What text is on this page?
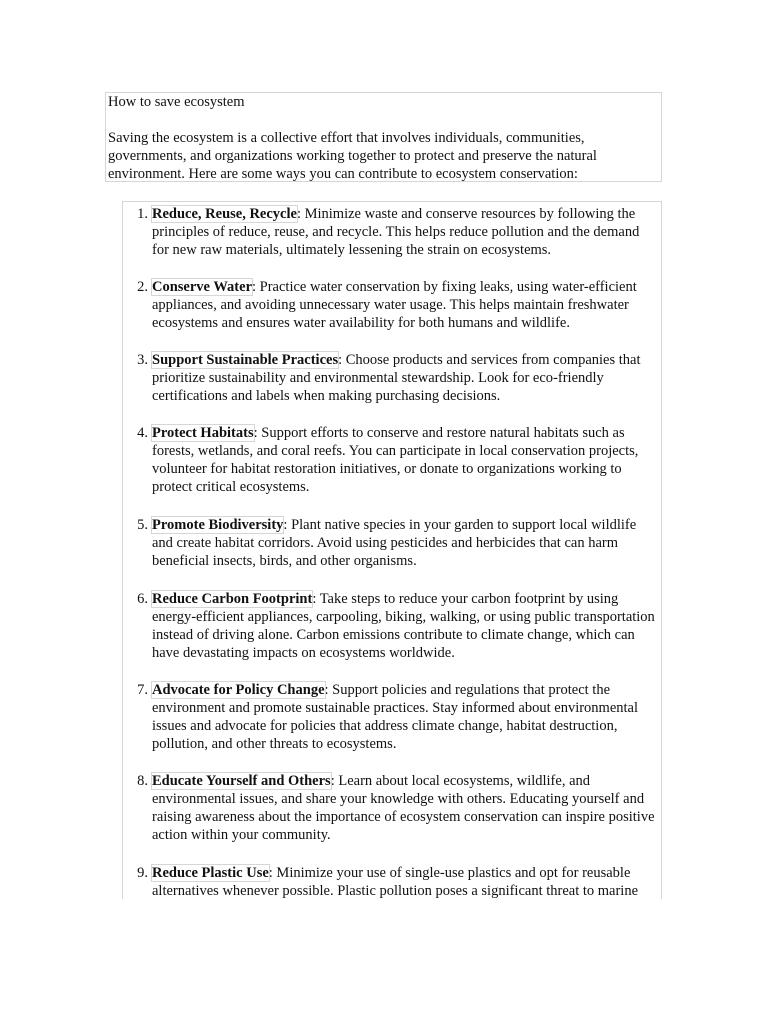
How to save ecosystem

Saving the ecosystem is a collective effort that involves individuals, communities, governments, and organizations working together to protect and preserve the natural environment. Here are some ways you can contribute to ecosystem conservation:

1. Reduce, Reuse, Recycle: Minimize waste and conserve resources by following the principles of reduce, reuse, and recycle. This helps reduce pollution and the demand for new raw materials, ultimately lessening the strain on ecosystems.
2. Conserve Water: Practice water conservation by fixing leaks, using water-efficient appliances, and avoiding unnecessary water usage. This helps maintain freshwater ecosystems and ensures water availability for both humans and wildlife.
3. Support Sustainable Practices: Choose products and services from companies that prioritize sustainability and environmental stewardship. Look for eco-friendly certifications and labels when making purchasing decisions.
4. Protect Habitats: Support efforts to conserve and restore natural habitats such as forests, wetlands, and coral reefs. You can participate in local conservation projects, volunteer for habitat restoration initiatives, or donate to organizations working to protect critical ecosystems.
5. Promote Biodiversity: Plant native species in your garden to support local wildlife and create habitat corridors. Avoid using pesticides and herbicides that can harm beneficial insects, birds, and other organisms.
6. Reduce Carbon Footprint: Take steps to reduce your carbon footprint by using energy-efficient appliances, carpooling, biking, walking, or using public transportation instead of driving alone. Carbon emissions contribute to climate change, which can have devastating impacts on ecosystems worldwide.
7. Advocate for Policy Change: Support policies and regulations that protect the environment and promote sustainable practices. Stay informed about environmental issues and advocate for policies that address climate change, habitat destruction, pollution, and other threats to ecosystems.
8. Educate Yourself and Others: Learn about local ecosystems, wildlife, and environmental issues, and share your knowledge with others. Educating yourself and raising awareness about the importance of ecosystem conservation can inspire positive action within your community.
9. Reduce Plastic Use: Minimize your use of single-use plastics and opt for reusable alternatives whenever possible. Plastic pollution poses a significant threat to marine
